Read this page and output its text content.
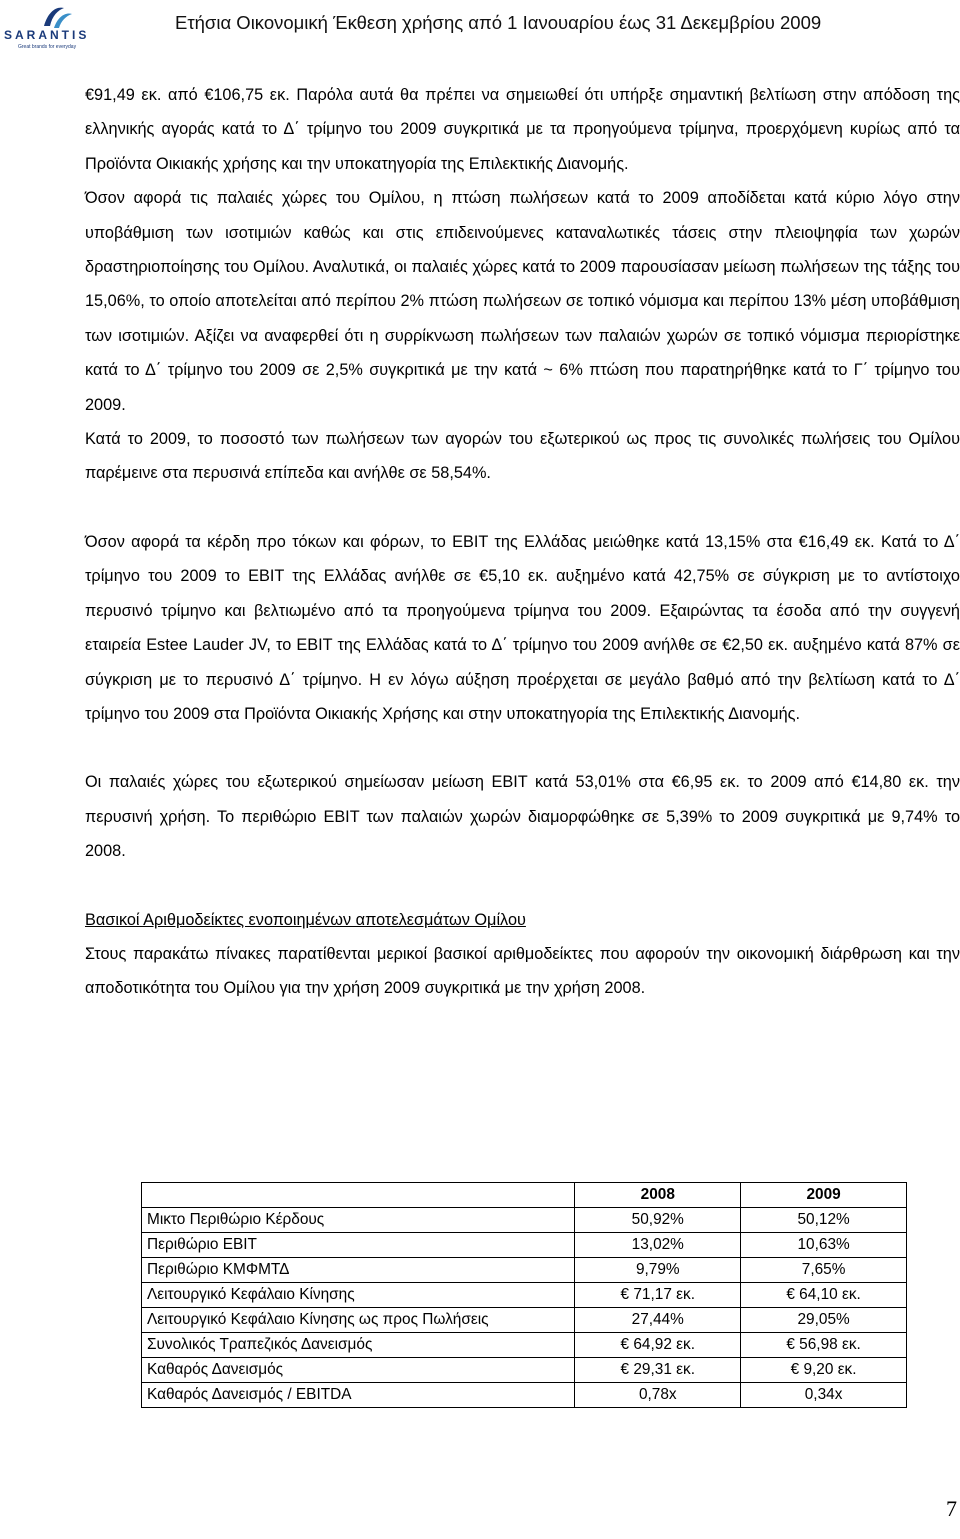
SARANTIS
Great brands for everyday
Ετήσια Οικονομική Έκθεση χρήσης από 1 Ιανουαρίου έως 31 Δεκεμβρίου 2009

€91,49 εκ. από €106,75 εκ. Παρόλα αυτά θα πρέπει να σημειωθεί ότι υπήρξε σημαντική βελτίωση στην απόδοση της ελληνικής αγοράς κατά το Δ΄ τρίμηνο του 2009 συγκριτικά με τα προηγούμενα τρίμηνα, προερχόμενη κυρίως από τα Προϊόντα Οικιακής χρήσης και την υποκατηγορία της Επιλεκτικής Διανομής.

Όσον αφορά τις παλαιές χώρες του Ομίλου, η πτώση πωλήσεων κατά το 2009 αποδίδεται κατά κύριο λόγο στην υποβάθμιση των ισοτιμιών καθώς και στις επιδεινούμενες καταναλωτικές τάσεις στην πλειοψηφία των χωρών δραστηριοποίησης του Ομίλου. Αναλυτικά, οι παλαιές χώρες κατά το 2009 παρουσίασαν μείωση πωλήσεων της τάξης του 15,06%, το οποίο αποτελείται από περίπου 2% πτώση πωλήσεων σε τοπικό νόμισμα και περίπου 13% μέση υποβάθμιση των ισοτιμιών. Αξίζει να αναφερθεί ότι η συρρίκνωση πωλήσεων των παλαιών χωρών σε τοπικό νόμισμα περιορίστηκε κατά το Δ΄ τρίμηνο του 2009 σε 2,5% συγκριτικά με την κατά ~ 6% πτώση που παρατηρήθηκε κατά το Γ΄ τρίμηνο του 2009.

Κατά το 2009, το ποσοστό των πωλήσεων των αγορών του εξωτερικού ως προς τις συνολικές πωλήσεις του Ομίλου παρέμεινε στα περυσινά επίπεδα και ανήλθε σε 58,54%.

Όσον αφορά τα κέρδη προ τόκων και φόρων, το EBIT της Ελλάδας μειώθηκε κατά 13,15% στα €16,49 εκ. Κατά το Δ΄ τρίμηνο του 2009 το EBIT της Ελλάδας ανήλθε σε €5,10 εκ. αυξημένο κατά 42,75% σε σύγκριση με το αντίστοιχο περυσινό τρίμηνο και βελτιωμένο από τα προηγούμενα τρίμηνα του 2009. Εξαιρώντας τα έσοδα από την συγγενή εταιρεία Estee Lauder JV, το EBIT της Ελλάδας κατά το Δ΄ τρίμηνο του 2009 ανήλθε σε €2,50 εκ. αυξημένο κατά 87% σε σύγκριση με το περυσινό Δ΄ τρίμηνο. Η εν λόγω αύξηση προέρχεται σε μεγάλο βαθμό από την βελτίωση κατά το Δ΄ τρίμηνο του 2009 στα Προϊόντα Οικιακής Χρήσης και στην υποκατηγορία της Επιλεκτικής Διανομής.

Οι παλαιές χώρες του εξωτερικού σημείωσαν μείωση EBIT κατά 53,01% στα €6,95 εκ. το 2009 από €14,80 εκ. την περυσινή χρήση. Το περιθώριο EBIT των παλαιών χωρών διαμορφώθηκε σε 5,39% το 2009 συγκριτικά με 9,74% το 2008.

Βασικοί Αριθμοδείκτες ενοποιημένων αποτελεσμάτων Ομίλου

Στους παρακάτω πίνακες παρατίθενται μερικοί βασικοί αριθμοδείκτες που αφορούν την οικονομική διάρθρωση και την αποδοτικότητα του Ομίλου για την χρήση 2009 συγκριτικά με την χρήση 2008.

	2008	2009
Μικτο Περιθώριο Κέρδους	50,92%	50,12%
Περιθώριο EBIT	13,02%	10,63%
Περιθώριο ΚΜΦΜΤΔ	9,79%	7,65%
Λειτουργικό Κεφάλαιο Κίνησης	€ 71,17 εκ.	€ 64,10 εκ.
Λειτουργικό Κεφάλαιο Κίνησης ως προς Πωλήσεις	27,44%	29,05%
Συνολικός Τραπεζικός Δανεισμός	€ 64,92 εκ.	€ 56,98 εκ.
Καθαρός Δανεισμός	€ 29,31 εκ.	€ 9,20 εκ.
Καθαρός Δανεισμός / EBITDA	0,78x	0,34x
7
